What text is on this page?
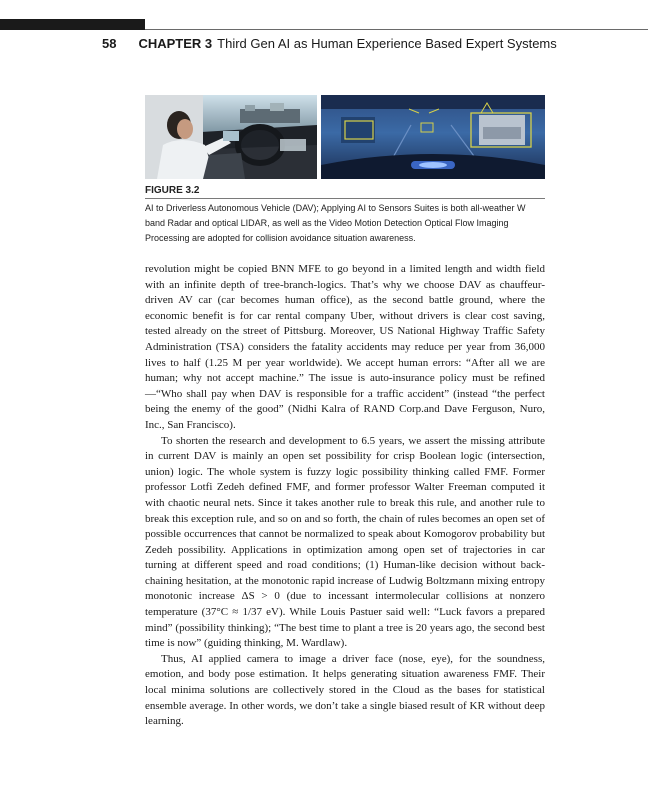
58 CHAPTER 3 Third Gen AI as Human Experience Based Expert Systems
FIGURE 3.2
AI to Driverless Autonomous Vehicle (DAV); Applying AI to Sensors Suites is both all-weather W band Radar and optical LIDAR, as well as the Video Motion Detection Optical Flow Imaging Processing are adopted for collision avoidance situation awareness.

revolution might be copied BNN MFE to go beyond in a limited length and width field with an infinite depth of tree-branch-logics. That’s why we choose DAV as chauffeur-driven AV car (car becomes human office), as the second battle ground, where the economic benefit is for car rental company Uber, without drivers is clear cost saving, tested already on the street of Pittsburg. Moreover, US National Highway Traffic Safety Administration (TSA) considers the fatality accidents may reduce per year from 36,000 lives to half (1.25 M per year worldwide). We accept human errors: “After all we are human; why not accept machine.” The issue is auto-insurance policy must be refined—“Who shall pay when DAV is responsible for a traffic accident” (instead “the perfect being the enemy of the good” (Nidhi Kalra of RAND Corp.and Dave Ferguson, Nuro, Inc., San Francisco).

To shorten the research and development to 6.5 years, we assert the missing attribute in current DAV is mainly an open set possibility for crisp Boolean logic (intersection, union) logic. The whole system is fuzzy logic possibility thinking called FMF. Former professor Lotfi Zedeh defined FMF, and former professor Walter Freeman computed it with chaotic neural nets. Since it takes another rule to break this rule, and another rule to break this exception rule, and so on and so forth, the chain of rules becomes an open set of possible occurrences that cannot be normalized to speak about Komogorov probability but Zedeh possibility. Applications in optimization among open set of trajectories in car turning at different speed and road conditions; (1) Human-like decision without back-chaining hesitation, at the monotonic rapid increase of Ludwig Boltzmann mixing entropy monotonic increase ΔS > 0 (due to incessant intermolecular collisions at nonzero temperature (37°C ≈ 1/37 eV). While Louis Pastuer said well: “Luck favors a prepared mind” (possibility thinking); “The best time to plant a tree is 20 years ago, the second best time is now” (guiding thinking, M. Wardlaw).

Thus, AI applied camera to image a driver face (nose, eye), for the soundness, emotion, and body pose estimation. It helps generating situation awareness FMF. Their local minima solutions are collectively stored in the Cloud as the bases for statistical ensemble average. In other words, we don’t take a single biased result of KR without deep learning.
